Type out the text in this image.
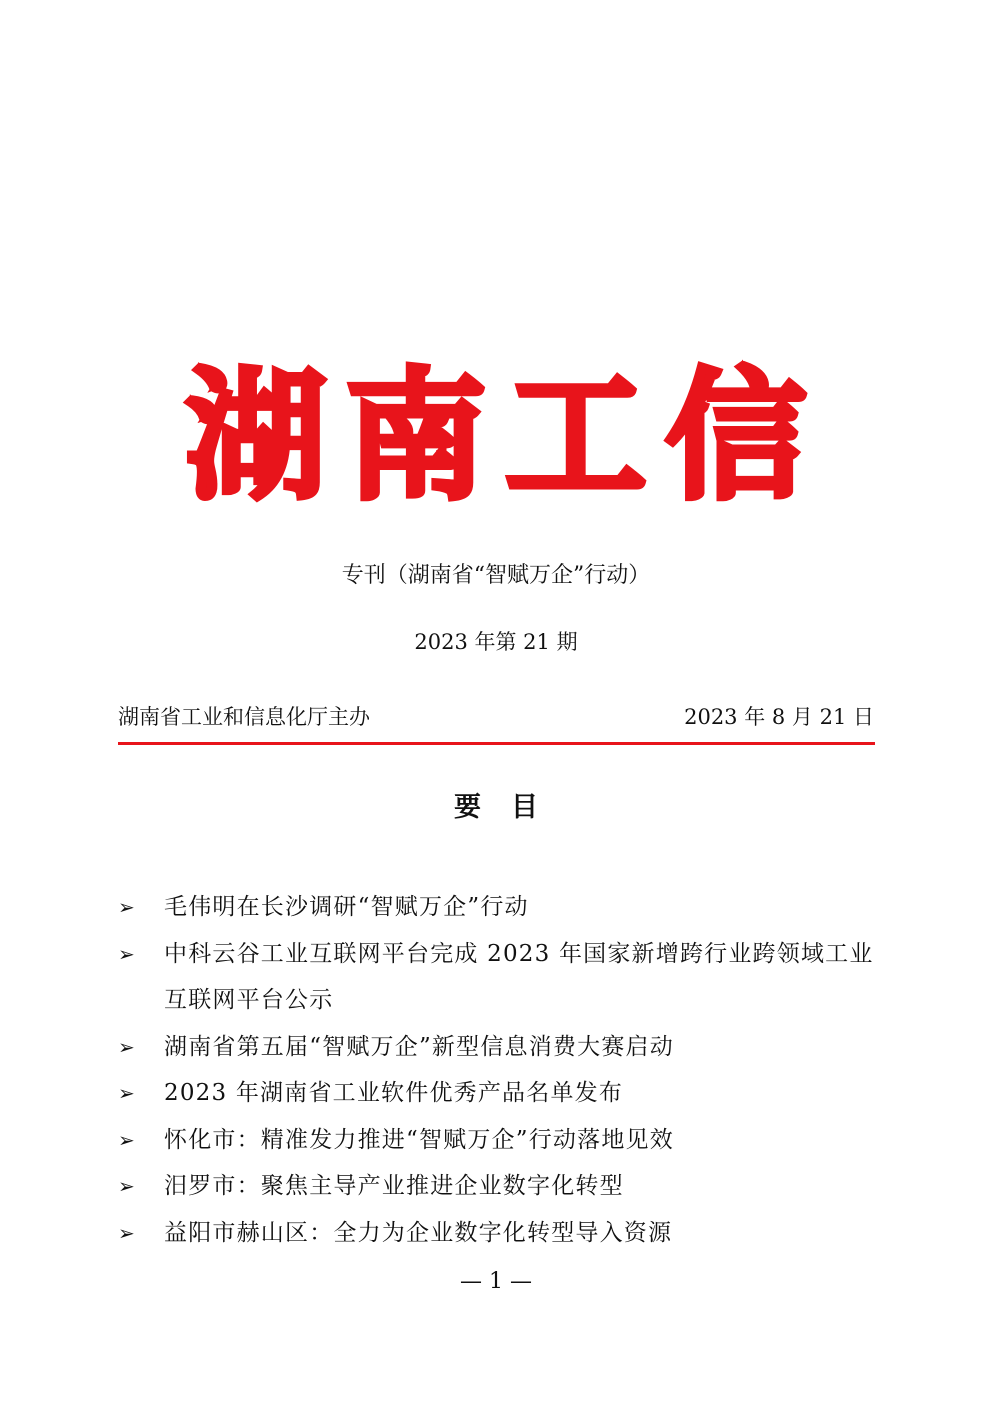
湖南工信
专刊（湖南省“智赋万企”行动）
2023 年第 21 期
湖南省工业和信息化厅主办	2023 年 8 月 21 日
要目
➢ 毛伟明在长沙调研“智赋万企”行动
➢ 中科云谷工业互联网平台完成 2023 年国家新增跨行业跨领域工业互联网平台公示
➢ 湖南省第五届“智赋万企”新型信息消费大赛启动
➢ 2023 年湖南省工业软件优秀产品名单发布
➢ 怀化市：精准发力推进“智赋万企”行动落地见效
➢ 汨罗市：聚焦主导产业推进企业数字化转型
➢ 益阳市赫山区：全力为企业数字化转型导入资源
— 1 —
